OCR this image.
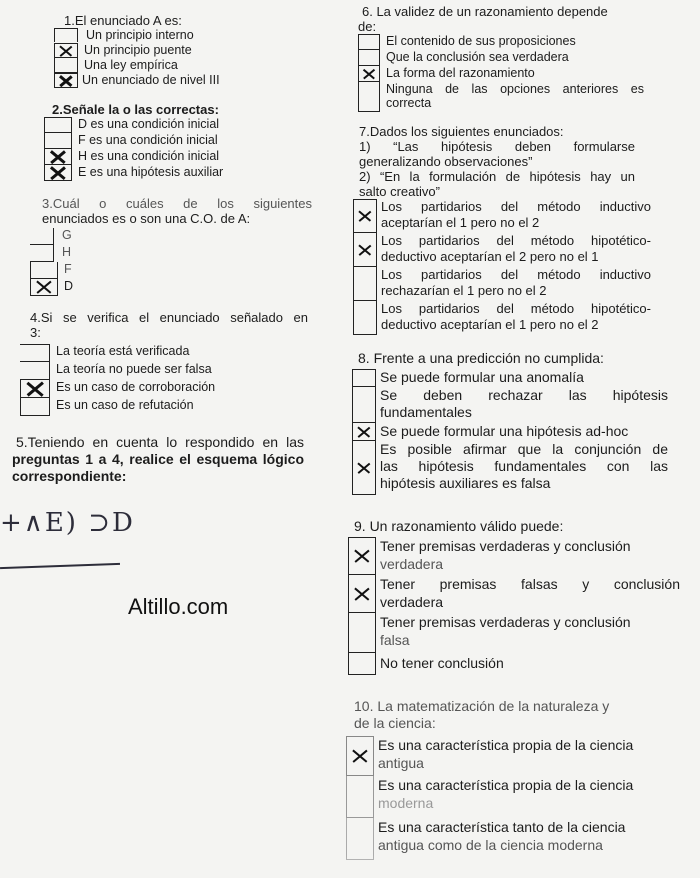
1.El enunciado A es:
Un principio interno
Un principio puente
Una ley empírica
Un enunciado de nivel III
2.Señale la o las correctas:
D es una condición inicial
F es una condición inicial
H es una condición inicial
E es una hipótesis auxiliar
3.Cuál o cuáles de los siguientes
enunciados es o son una C.O. de A:
G
H
F
D
4.Si se verifica el enunciado señalado en
3:
La teoría está verificada
La teoría no puede ser falsa
Es un caso de corroboración
Es un caso de refutación
5.Teniendo en cuenta lo respondido en las
preguntas 1 a 4, realice el esquema lógico
correspondiente:
+∧E) ⊃D
Altillo.com
6. La validez de un razonamiento depende
de:
El contenido de sus proposiciones
Que la conclusión sea verdadera
La forma del razonamiento
Ninguna de las opciones anteriores es
correcta
7.Dados los siguientes enunciados:
1) “Las hipótesis deben formularse
generalizando observaciones”
2) “En la formulación de hipótesis hay un
salto creativo”
Los partidarios del método inductivo
aceptarían el 1 pero no el 2
Los partidarios del método hipotético-
deductivo aceptarían el 2 pero no el 1
Los partidarios del método inductivo
rechazarían el 1 pero no el 2
Los partidarios del método hipotético-
deductivo aceptarían el 1 pero no el 2
8. Frente a una predicción no cumplida:
Se puede formular una anomalía
Se deben rechazar las hipótesis
fundamentales
Se puede formular una hipótesis ad-hoc
Es posible afirmar que la conjunción de
las hipótesis fundamentales con las
hipótesis auxiliares es falsa
9. Un razonamiento válido puede:
Tener premisas verdaderas y conclusión
verdadera
Tener premisas falsas y conclusión
verdadera
Tener premisas verdaderas y conclusión
falsa
No tener conclusión
10. La matematización de la naturaleza y
de la ciencia:
Es una característica propia de la ciencia
antigua
Es una característica propia de la ciencia
moderna
Es una característica tanto de la ciencia
antigua como de la ciencia moderna
